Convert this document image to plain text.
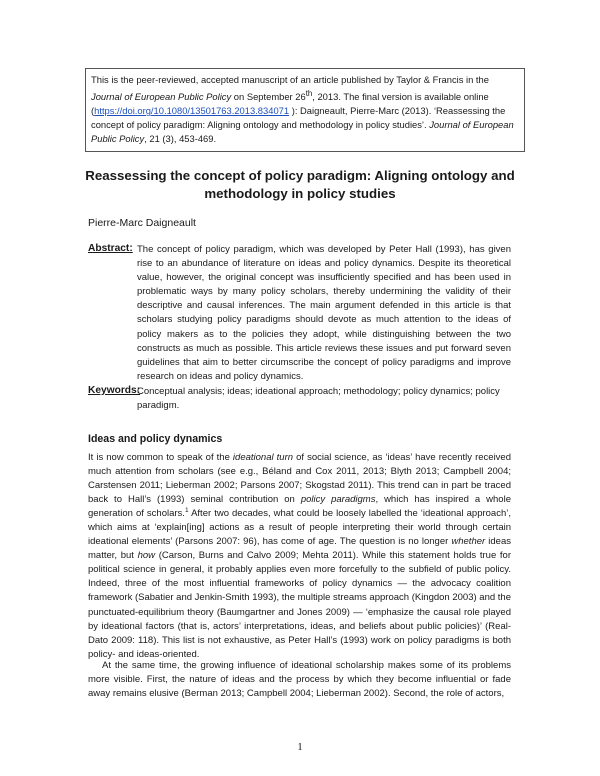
This is the peer-reviewed, accepted manuscript of an article published by Taylor & Francis in the Journal of European Public Policy on September 26th, 2013. The final version is available online (https://doi.org/10.1080/13501763.2013.834071 ): Daigneault, Pierre-Marc (2013). ‘Reassessing the concept of policy paradigm: Aligning ontology and methodology in policy studies’. Journal of European Public Policy, 21 (3), 453-469.
Reassessing the concept of policy paradigm: Aligning ontology and methodology in policy studies
Pierre-Marc Daigneault
Abstract: The concept of policy paradigm, which was developed by Peter Hall (1993), has given rise to an abundance of literature on ideas and policy dynamics. Despite its theoretical value, however, the original concept was insufficiently specified and has been used in problematic ways by many policy scholars, thereby undermining the validity of their descriptive and causal inferences. The main argument defended in this article is that scholars studying policy paradigms should devote as much attention to the ideas of policy makers as to the policies they adopt, while distinguishing between the two constructs as much as possible. This article reviews these issues and put forward seven guidelines that aim to better circumscribe the concept of policy paradigms and improve research on ideas and policy dynamics.
Keywords:
Conceptual analysis; ideas; ideational approach; methodology; policy dynamics; policy paradigm.
Ideas and policy dynamics
It is now common to speak of the ideational turn of social science, as ‘ideas’ have recently received much attention from scholars (see e.g., Béland and Cox 2011, 2013; Blyth 2013; Campbell 2004; Carstensen 2011; Lieberman 2002; Parsons 2007; Skogstad 2011). This trend can in part be traced back to Hall’s (1993) seminal contribution on policy paradigms, which has inspired a whole generation of scholars.$^1$ After two decades, what could be loosely labelled the ‘ideational approach’, which aims at ‘explain[ing] actions as a result of people interpreting their world through certain ideational elements’ (Parsons 2007: 96), has come of age. The question is no longer whether ideas matter, but how (Carson, Burns and Calvo 2009; Mehta 2011). While this statement holds true for political science in general, it probably applies even more forcefully to the subfield of public policy. Indeed, three of the most influential frameworks of policy dynamics — the advocacy coalition framework (Sabatier and Jenkin-Smith 1993), the multiple streams approach (Kingdon 2003) and the punctuated-equilibrium theory (Baumgartner and Jones 2009) — ‘emphasize the causal role played by ideational factors (that is, actors’ interpretations, ideas, and beliefs about public policies)’ (Real-Dato 2009: 118). This list is not exhaustive, as Peter Hall’s (1993) work on policy paradigms is both policy- and ideas-oriented.
At the same time, the growing influence of ideational scholarship makes some of its problems more visible. First, the nature of ideas and the process by which they become influential or fade away remains elusive (Berman 2013; Campbell 2004; Lieberman 2002). Second, the role of actors,
1
